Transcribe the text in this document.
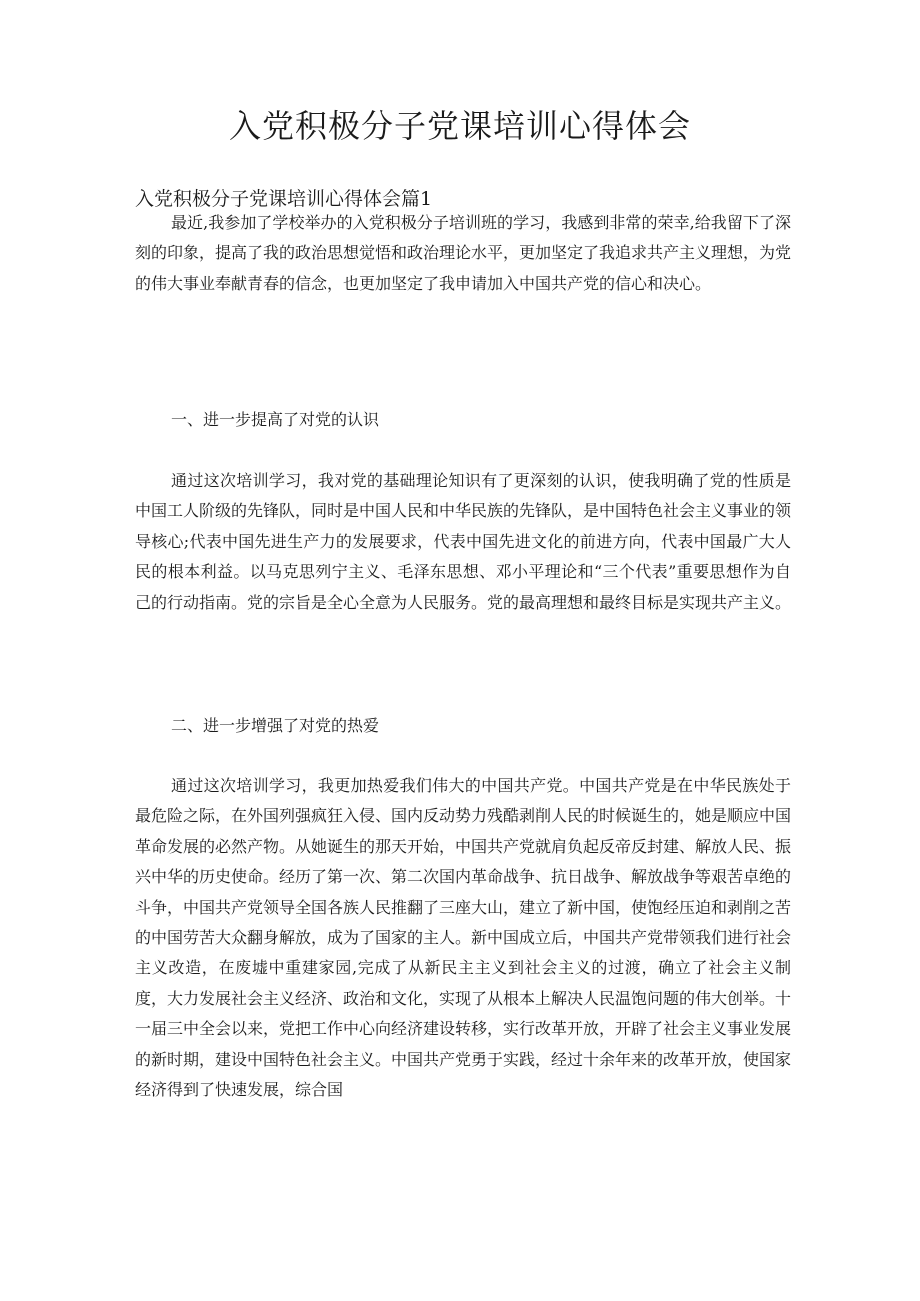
入党积极分子党课培训心得体会
入党积极分子党课培训心得体会篇1

最近,我参加了学校举办的入党积极分子培训班的学习，我感到非常的荣幸,给我留下了深刻的印象，提高了我的政治思想觉悟和政治理论水平，更加坚定了我追求共产主义理想，为党的伟大事业奉献青春的信念，也更加坚定了我申请加入中国共产党的信心和决心。

一、进一步提高了对党的认识

通过这次培训学习，我对党的基础理论知识有了更深刻的认识，使我明确了党的性质是中国工人阶级的先锋队，同时是中国人民和中华民族的先锋队，是中国特色社会主义事业的领导核心;代表中国先进生产力的发展要求，代表中国先进文化的前进方向，代表中国最广大人民的根本利益。以马克思列宁主义、毛泽东思想、邓小平理论和“三个代表”重要思想作为自己的行动指南。党的宗旨是全心全意为人民服务。党的最高理想和最终目标是实现共产主义。

二、进一步增强了对党的热爱

通过这次培训学习，我更加热爱我们伟大的中国共产党。中国共产党是在中华民族处于最危险之际，在外国列强疯狂入侵、国内反动势力残酷剥削人民的时候诞生的，她是顺应中国革命发展的必然产物。从她诞生的那天开始，中国共产党就肩负起反帝反封建、解放人民、振兴中华的历史使命。经历了第一次、第二次国内革命战争、抗日战争、解放战争等艰苦卓绝的斗争，中国共产党领导全国各族人民推翻了三座大山，建立了新中国，使饱经压迫和剥削之苦的中国劳苦大众翻身解放，成为了国家的主人。新中国成立后，中国共产党带领我们进行社会主义改造，在废墟中重建家园,完成了从新民主主义到社会主义的过渡，确立了社会主义制度，大力发展社会主义经济、政治和文化，实现了从根本上解决人民温饱问题的伟大创举。十一届三中全会以来，党把工作中心向经济建设转移，实行改革开放，开辟了社会主义事业发展的新时期，建设中国特色社会主义。中国共产党勇于实践，经过十余年来的改革开放，使国家经济得到了快速发展，综合国
